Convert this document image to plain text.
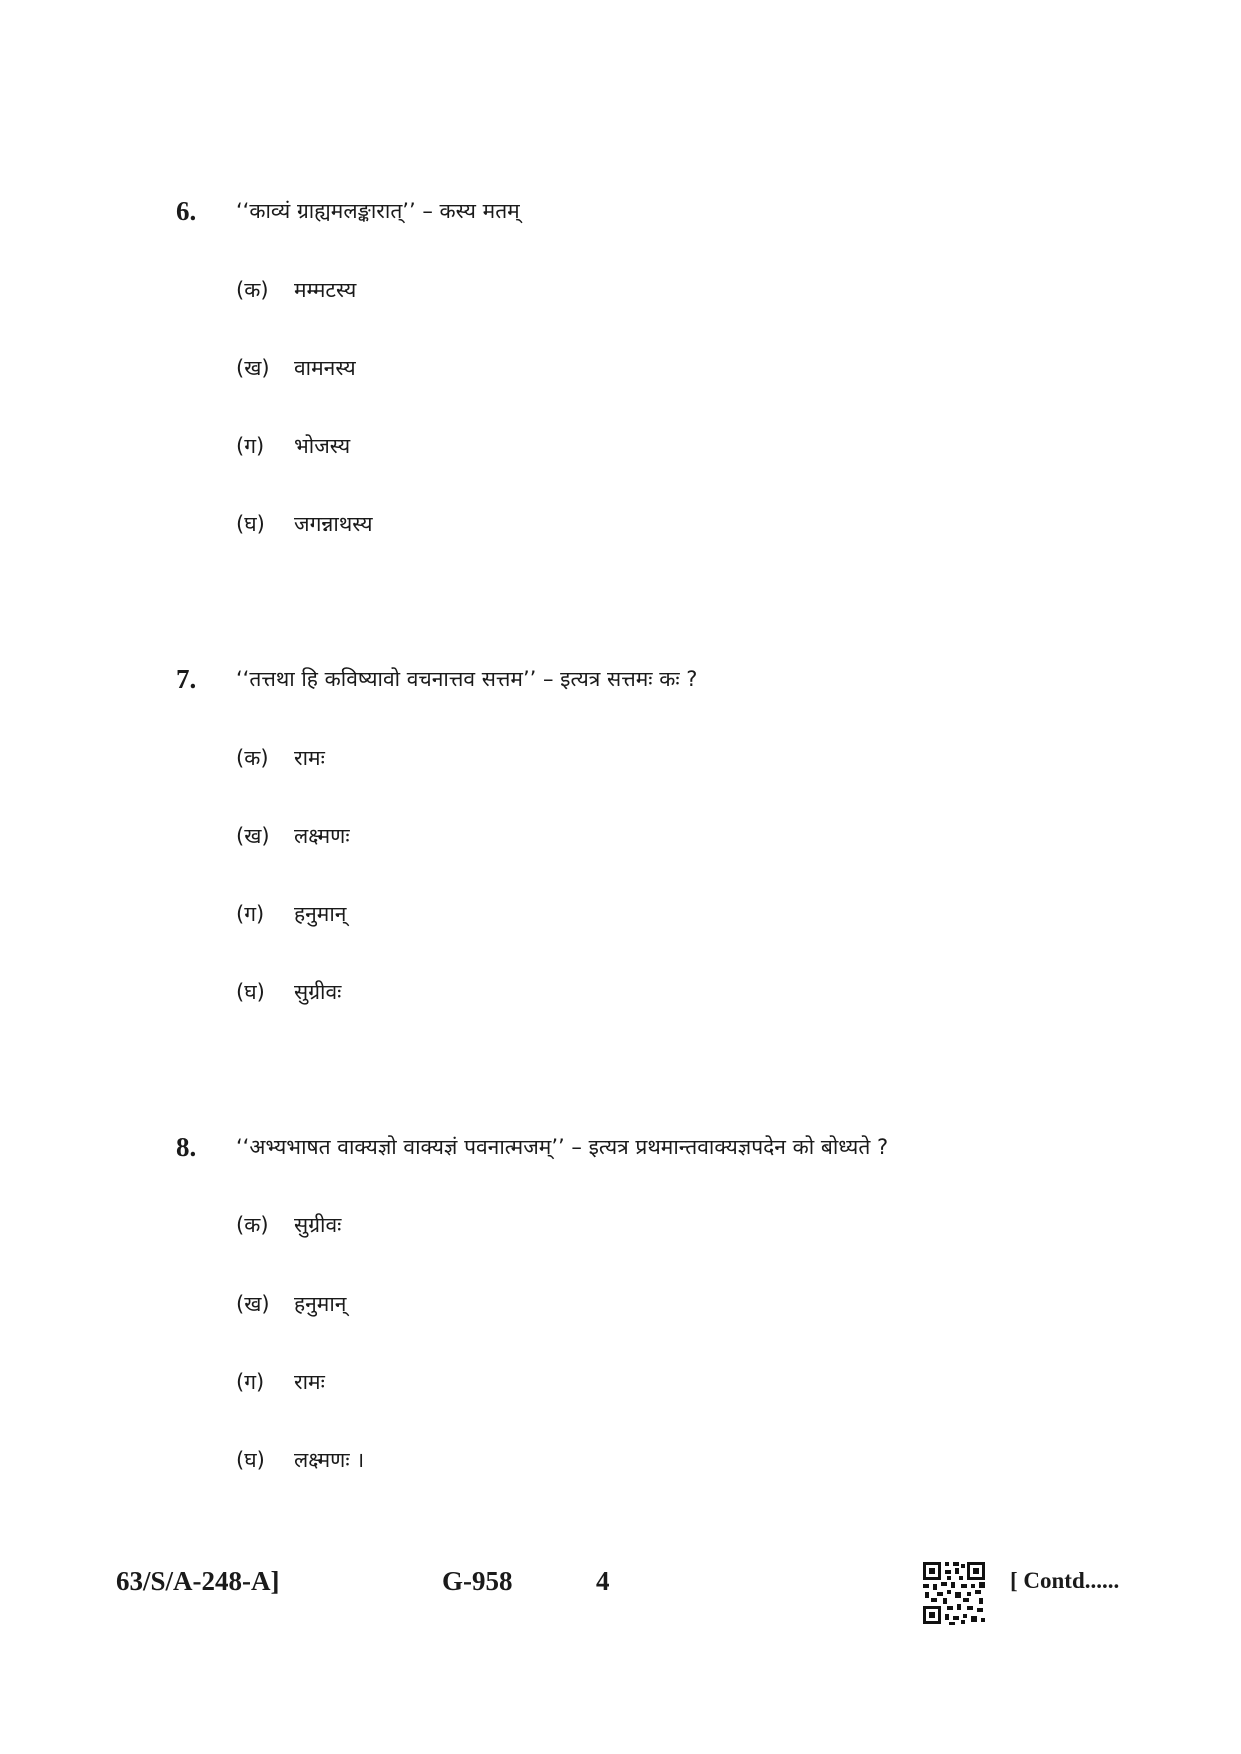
6. ‘‘काव्यं ग्राह्यमलङ्कारात्’’ – कस्य मतम्
(क) मम्मटस्य
(ख) वामनस्य
(ग) भोजस्य
(घ) जगन्नाथस्य
7. ‘‘तत्तथा हि कविष्यावो वचनात्तव सत्तम’’ – इत्यत्र सत्तमः कः ?
(क) रामः
(ख) लक्ष्मणः
(ग) हनुमान्
(घ) सुग्रीवः
8. ‘‘अभ्यभाषत वाक्यज्ञो वाक्यज्ञं पवनात्मजम्’’ – इत्यत्र प्रथमान्तवाक्यज्ञपदेन को बोध्यते ?
(क) सुग्रीवः
(ख) हनुमान्
(ग) रामः
(घ) लक्ष्मणः ।
63/S/A-248-A]	G-958	4	[ Contd......
